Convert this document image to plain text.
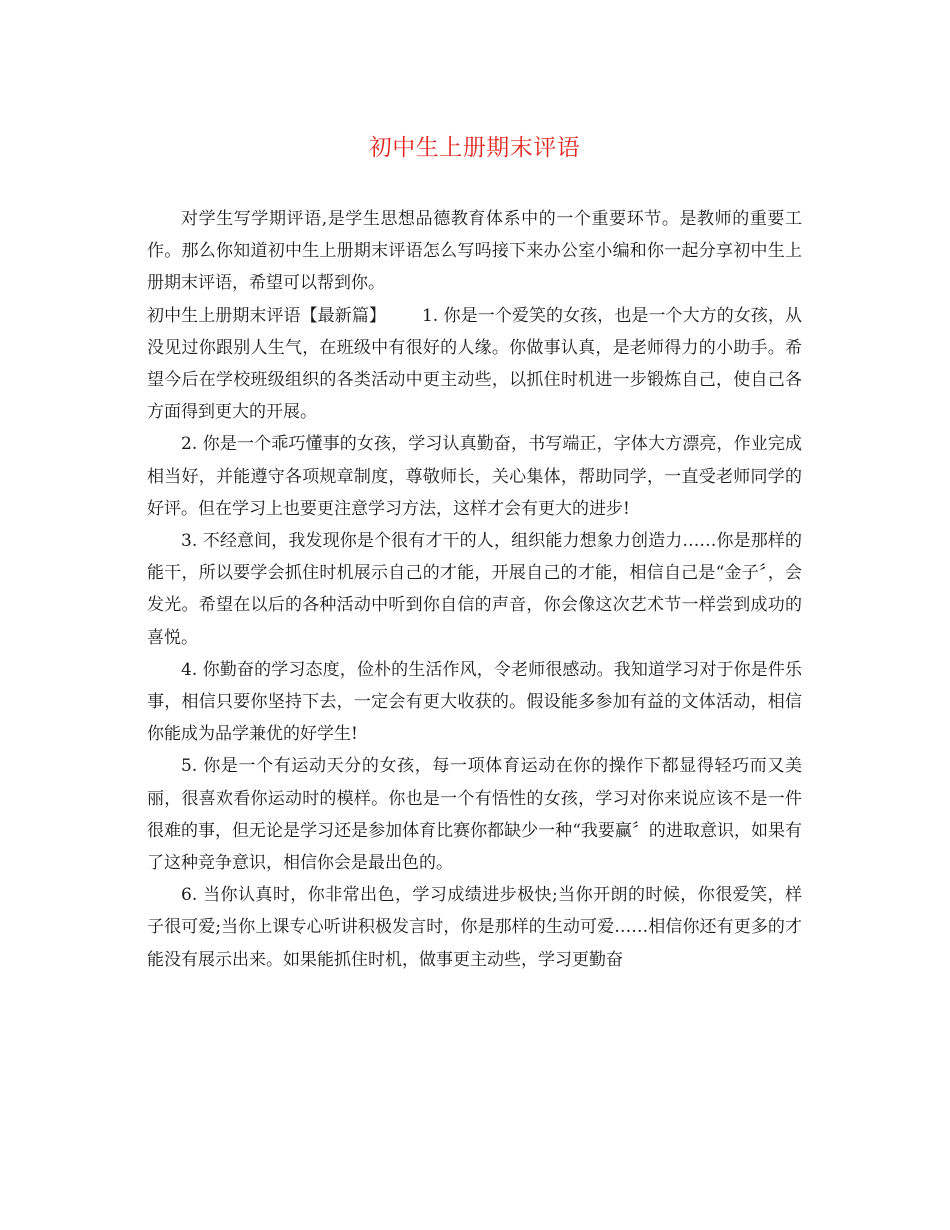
初中生上册期末评语

对学生写学期评语,是学生思想品德教育体系中的一个重要环节。是教师的重要工作。那么你知道初中生上册期末评语怎么写吗接下来办公室小编和你一起分享初中生上册期末评语，希望可以帮到你。

初中生上册期末评语【最新篇】 1. 你是一个爱笑的女孩，也是一个大方的女孩，从没见过你跟别人生气，在班级中有很好的人缘。你做事认真，是老师得力的小助手。希望今后在学校班级组织的各类活动中更主动些，以抓住时机进一步锻炼自己，使自己各方面得到更大的开展。

2. 你是一个乖巧懂事的女孩，学习认真勤奋，书写端正，字体大方漂亮，作业完成相当好，并能遵守各项规章制度，尊敬师长，关心集体，帮助同学，一直受老师同学的好评。但在学习上也要更注意学习方法，这样才会有更大的进步!

3. 不经意间，我发现你是个很有才干的人，组织能力想象力创造力……你是那样的能干，所以要学会抓住时机展示自己的才能，开展自己的才能，相信自己是“金子〞，会发光。希望在以后的各种活动中听到你自信的声音，你会像这次艺术节一样尝到成功的喜悦。

4. 你勤奋的学习态度，俭朴的生活作风，令老师很感动。我知道学习对于你是件乐事，相信只要你坚持下去，一定会有更大收获的。假设能多参加有益的文体活动，相信你能成为品学兼优的好学生!

5. 你是一个有运动天分的女孩，每一项体育运动在你的操作下都显得轻巧而又美丽，很喜欢看你运动时的模样。你也是一个有悟性的女孩，学习对你来说应该不是一件很难的事，但无论是学习还是参加体育比赛你都缺少一种“我要赢〞的进取意识，如果有了这种竞争意识，相信你会是最出色的。

6. 当你认真时，你非常出色，学习成绩进步极快;当你开朗的时候，你很爱笑，样子很可爱;当你上课专心听讲积极发言时，你是那样的生动可爱……相信你还有更多的才能没有展示出来。如果能抓住时机，做事更主动些，学习更勤奋
